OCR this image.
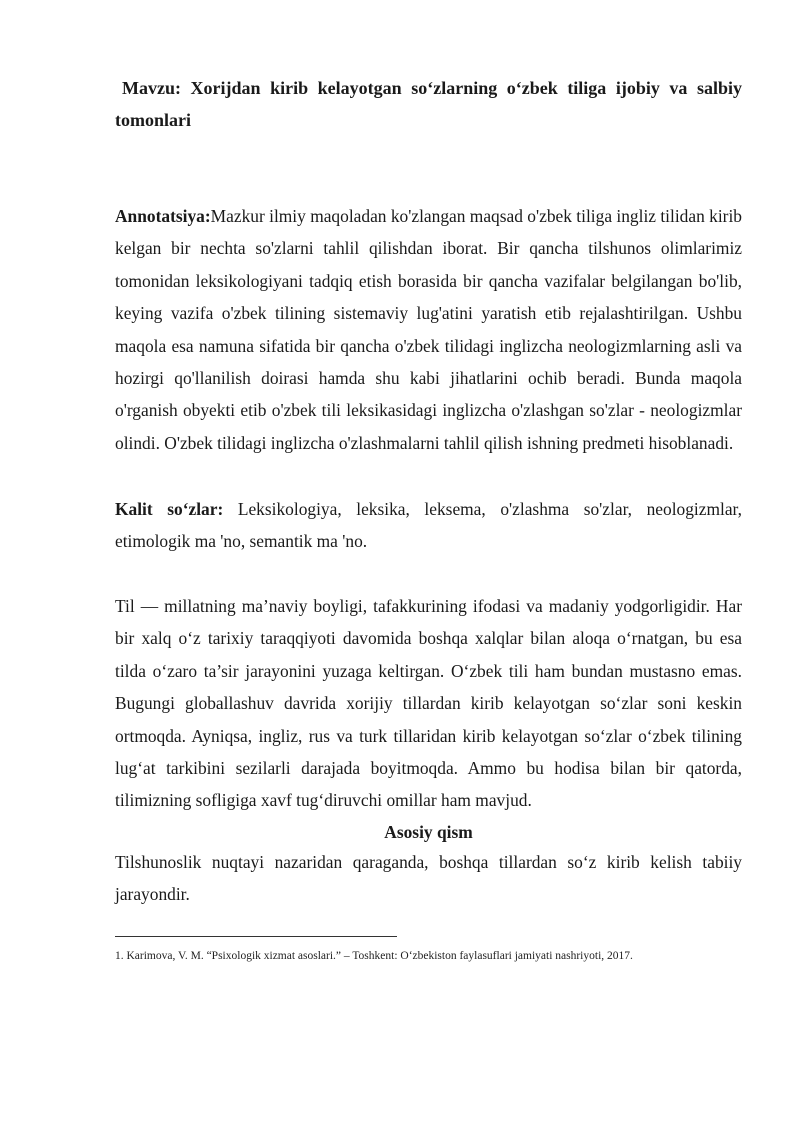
Mavzu: Xorijdan kirib kelayotgan so‘zlarning o‘zbek tiliga ijobiy va salbiy tomonlari

Annotatsiya:Mazkur ilmiy maqoladan ko'zlangan maqsad o'zbek tiliga ingliz tilidan kirib kelgan bir nechta so'zlarni tahlil qilishdan iborat. Bir qancha tilshunos olimlarimiz tomonidan leksikologiyani tadqiq etish borasida bir qancha vazifalar belgilangan bo'lib, keying vazifa o'zbek tilining sistemaviy lug'atini yaratish etib rejalashtirilgan. Ushbu maqola esa namuna sifatida bir qancha o'zbek tilidagi inglizcha neologizmlarning asli va hozirgi qo'llanilish doirasi hamda shu kabi jihatlarini ochib beradi. Bunda maqola o'rganish obyekti etib o'zbek tili leksikasidagi inglizcha o'zlashgan so'zlar - neologizmlar olindi. O'zbek tilidagi inglizcha o'zlashmalarni tahlil qilish ishning predmeti hisoblanadi.

Kalit so‘zlar: Leksikologiya, leksika, leksema, o'zlashma so'zlar, neologizmlar, etimologik ma 'no, semantik ma 'no.

Til — millatning ma’naviy boyligi, tafakkurining ifodasi va madaniy yodgorligidir. Har bir xalq o‘z tarixiy taraqqiyoti davomida boshqa xalqlar bilan aloqa o‘rnatgan, bu esa tilda o‘zaro ta’sir jarayonini yuzaga keltirgan. O‘zbek tili ham bundan mustasno emas. Bugungi globallashuv davrida xorijiy tillardan kirib kelayotgan so‘zlar soni keskin ortmoqda. Ayniqsa, ingliz, rus va turk tillaridan kirib kelayotgan so‘zlar o‘zbek tilining lug‘at tarkibini sezilarli darajada boyitmoqda. Ammo bu hodisa bilan bir qatorda, tilimizning sofligiga xavf tug‘diruvchi omillar ham mavjud.

Asosiy qism

Tilshunoslik nuqtayi nazaridan qaraganda, boshqa tillardan so‘z kirib kelish tabiiy jarayondir.

1. Karimova, V. M. “Psixologik xizmat asoslari.” – Toshkent: O‘zbekiston faylasuflari jamiyati nashriyoti, 2017.
